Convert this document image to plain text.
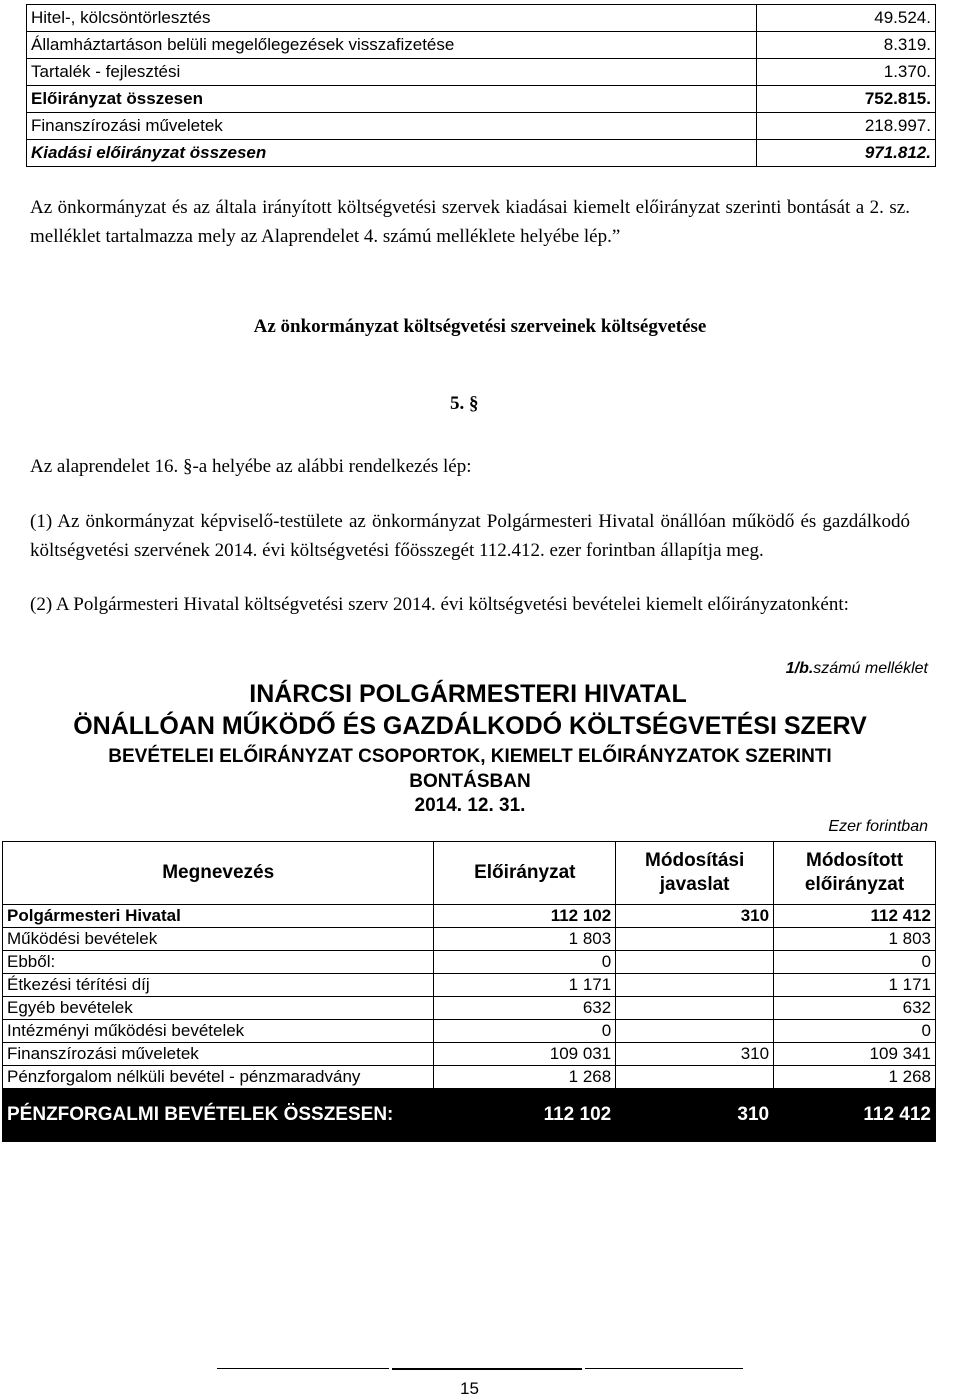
Hitel-, kölcsöntörlesztés	49.524.
Államháztartáson belüli megelőlegezések visszafizetése	8.319.
Tartalék - fejlesztési	1.370.
Előirányzat összesen	752.815.
Finanszírozási műveletek	218.997.
Kiadási előirányzat összesen	971.812.
Az önkormányzat és az általa irányított költségvetési szervek kiadásai kiemelt előirányzat szerinti bontását a 2. sz. melléklet tartalmazza mely az Alaprendelet 4. számú melléklete helyébe lép.”
Az önkormányzat költségvetési szerveinek költségvetése
5. §
Az alaprendelet 16. §-a helyébe az alábbi rendelkezés lép:
(1) Az önkormányzat képviselő-testülete az önkormányzat Polgármesteri Hivatal önállóan működő és gazdálkodó költségvetési szervének 2014. évi költségvetési főösszegét 112.412. ezer forintban állapítja meg.
(2) A Polgármesteri Hivatal költségvetési szerv 2014. évi költségvetési bevételei kiemelt előirányzatonként:
1/b.számú melléklet
INÁRCSI POLGÁRMESTERI HIVATAL
ÖNÁLLÓAN MŰKÖDŐ ÉS GAZDÁLKODÓ KÖLTSÉGVETÉSI SZERV
BEVÉTELEI ELŐIRÁNYZAT CSOPORTOK, KIEMELT ELŐIRÁNYZATOK SZERINTI BONTÁSBAN
2014. 12. 31.
Ezer forintban
Megnevezés	Előirányzat	Módosítási javaslat	Módosított előirányzat
Polgármesteri Hivatal	112 102	310	112 412
Működési bevételek	1 803		1 803
Ebből:	0		0
Étkezési térítési díj	1 171		1 171
Egyéb bevételek	632		632
Intézményi működési bevételek	0		0
Finanszírozási műveletek	109 031	310	109 341
Pénzforgalom nélküli bevétel - pénzmaradvány	1 268		1 268
PÉNZFORGALMI BEVÉTELEK ÖSSZESEN:	112 102	310	112 412
15
